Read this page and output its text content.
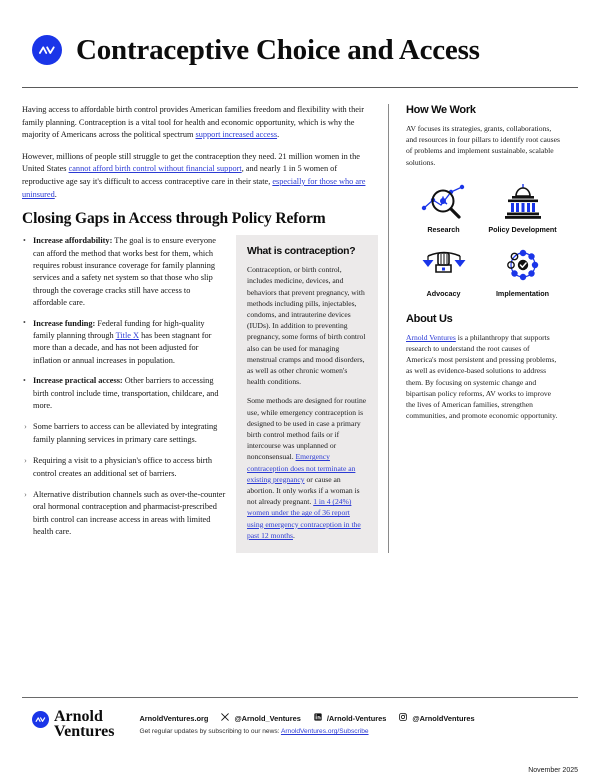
Contraceptive Choice and Access

Having access to affordable birth control provides American families freedom and flexibility with their family planning. Contraception is a vital tool for health and economic opportunity, which is why the majority of Americans across the political spectrum support increased access.

However, millions of people still struggle to get the contraception they need. 21 million women in the United States cannot afford birth control without financial support, and nearly 1 in 5 women of reproductive age say it's difficult to access contraceptive care in their state, especially for those who are uninsured.

Closing Gaps in Access through Policy Reform
• Increase affordability: The goal is to ensure everyone can afford the method that works best for them, which requires robust insurance coverage for family planning services and a safety net system so that those who slip through the coverage cracks still have access to affordable care.
• Increase funding: Federal funding for high-quality family planning through Title X has been stagnant for more than a decade, and has not been adjusted for inflation or annual increases in population.
• Increase practical access: Other barriers to accessing birth control include time, transportation, childcare, and more.
› Some barriers to access can be alleviated by integrating family planning services in primary care settings.
› Requiring a visit to a physician's office to access birth control creates an additional set of barriers.
› Alternative distribution channels such as over-the-counter oral hormonal contraception and pharmacist-prescribed birth control can increase access in areas with limited health care.
What is contraception?

Contraception, or birth control, includes medicine, devices, and behaviors that prevent pregnancy, with methods including pills, injectables, condoms, and intrauterine devices (IUDs). In addition to preventing pregnancy, some forms of birth control also can be used for managing menstrual cramps and mood disorders, as well as other chronic women's health conditions.

Some methods are designed for routine use, while emergency contraception is designed to be used in case a primary birth control method fails or if intercourse was unplanned or nonconsensual. Emergency contraception does not terminate an existing pregnancy or cause an abortion. It only works if a woman is not already pregnant. 1 in 4 (24%) women under the age of 36 report using emergency contraception in the past 12 months.

How We Work

AV focuses its strategies, grants, collaborations, and resources in four pillars to identify root causes of problems and implement sustainable, scalable solutions.

Research	Policy Development
Advocacy	Implementation
About Us

Arnold Ventures is a philanthropy that supports research to understand the root causes of America's most persistent and pressing problems, as well as evidence-based solutions to address them. By focusing on systemic change and bipartisan policy reforms, AV works to improve the lives of American families, strengthen communities, and promote economic opportunity.

Arnold
Ventures
ArnoldVentures.org	@Arnold_Ventures	/Arnold-Ventures	@ArnoldVentures
Get regular updates by subscribing to our news: ArnoldVentures.org/Subscribe
November 2025
